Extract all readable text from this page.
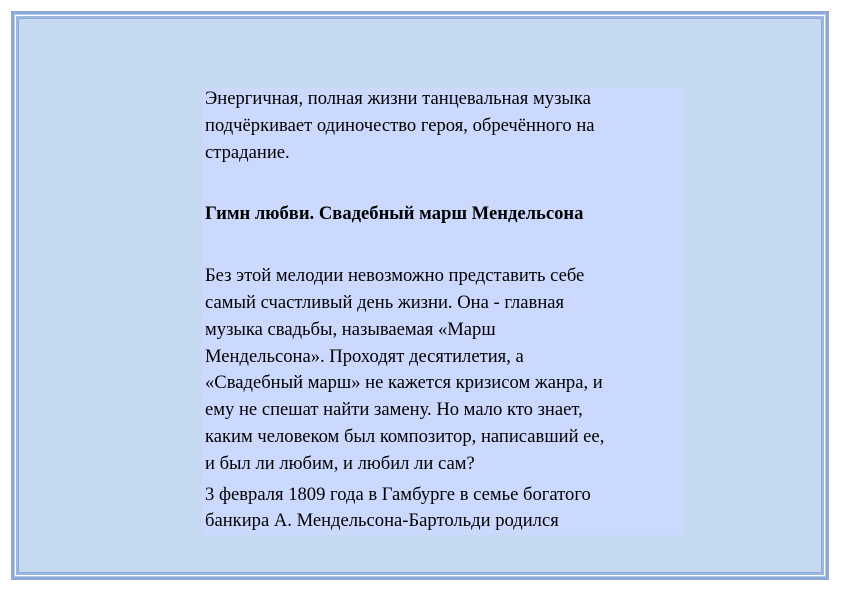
Энергичная, полная жизни танцевальная музыка
подчёркивает одиночество героя, обречённого на
страдание.

Гимн любви. Свадебный марш Мендельсона

Без этой мелодии невозможно представить себе
самый счастливый день жизни. Она - главная
музыка свадьбы, называемая «Марш
Мендельсона». Проходят десятилетия, а
«Свадебный марш» не кажется кризисом жанра, и
ему не спешат найти замену. Но мало кто знает,
каким человеком был композитор, написавший ее,
и был ли любим, и любил ли сам?

3 февраля 1809 года в Гамбурге в семье богатого
банкира А. Мендельсона-Бартольди родился
